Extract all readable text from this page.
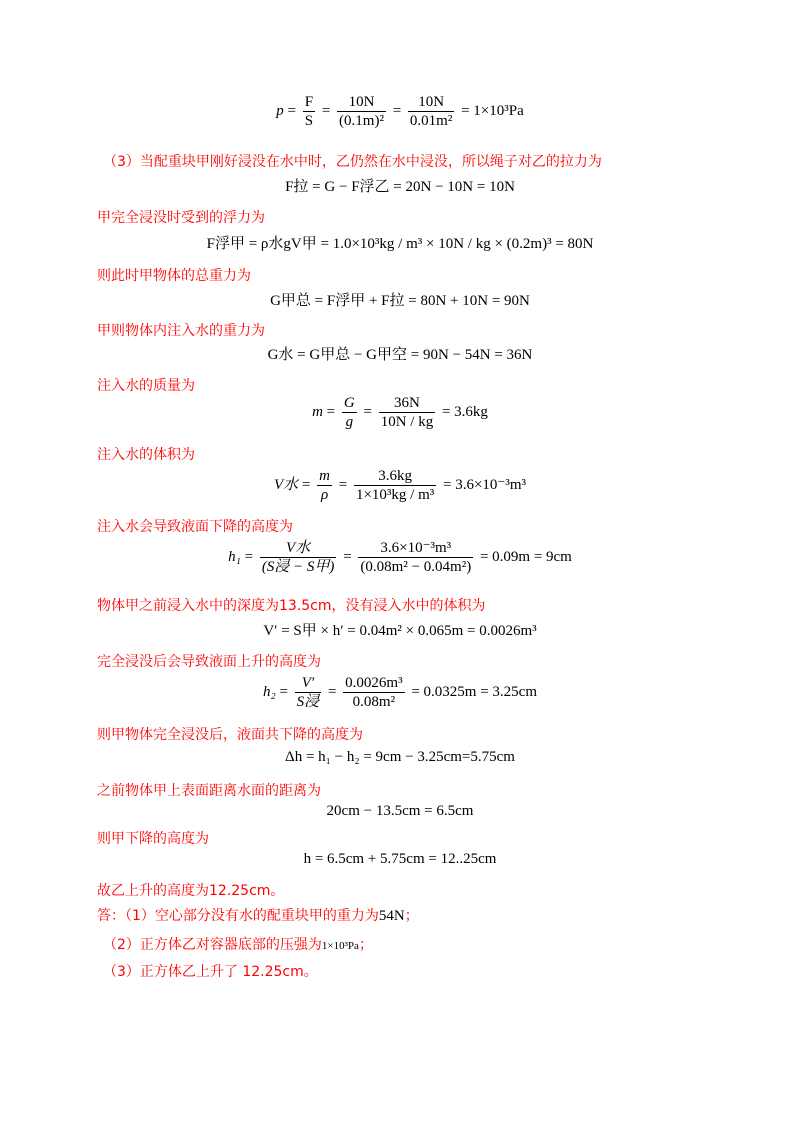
$p = \frac{F}{S} = \frac{10N}{\text{(0.1m)²}} = \frac{10N}{\text{0.01m²}} = 1\times 10^3Pa$
（3）当配重块甲刚好浸没在水中时，乙仍然在水中浸没，所以绳子对乙的拉力为
F拉 = G − F浮乙 = 20N − 10N = 10N
甲完全浸没时受到的浮力为
F浮甲 = ρ水gV甲 = 1.0×10³kg / m³ × 10N / kg × (0.2m)³ = 80N
则此时甲物体的总重力为
G甲总 = F浮甲 + F拉 = 80N + 10N = 90N
甲则物体内注入水的重力为
G水 = G甲总 − G甲空 = 90N − 54N = 36N
注入水的质量为
$m = \frac{G}{g} = \frac{36N}{10N / kg} = 3.6kg$
注入水的体积为
V水 = $\frac{m}{\rho} = \frac{3.6kg}{\text{1×10³kg / m³}} = 3.6\times 10^{-3}m^3$
注入水会导致液面下降的高度为
$h_1 = \frac{\text{V水}}{\text{(S浸 − S甲)}} = \frac{\text{3.6×10⁻³m³}}{\text{(0.08m² − 0.04m²)}} = 0.09m = 9cm$
物体甲之前浸入水中的深度为13.5cm，没有浸入水中的体积为
V′ = S甲 × h′ = 0.04m² × 0.065m = 0.0026m³
完全浸没后会导致液面上升的高度为
$h_2 = \frac{V'}{\text{S浸}} = \frac{\text{0.0026m³}}{\text{0.08m²}} = 0.0325m = 3.25cm$
则甲物体完全浸没后，液面共下降的高度为
Δh = h₁ − h₂ = 9cm − 3.25cm=5.75cm
之前物体甲上表面距离水面的距离为
20cm − 13.5cm = 6.5cm
则甲下降的高度为
h = 6.5cm + 5.75cm = 12..25cm
故乙上升的高度为12.25cm。
答：（1）空心部分没有水的配重块甲的重力为54N；
（2）正方体乙对容器底部的压强为1×10³Pa；
（3）正方体乙上升了 12.25cm。
